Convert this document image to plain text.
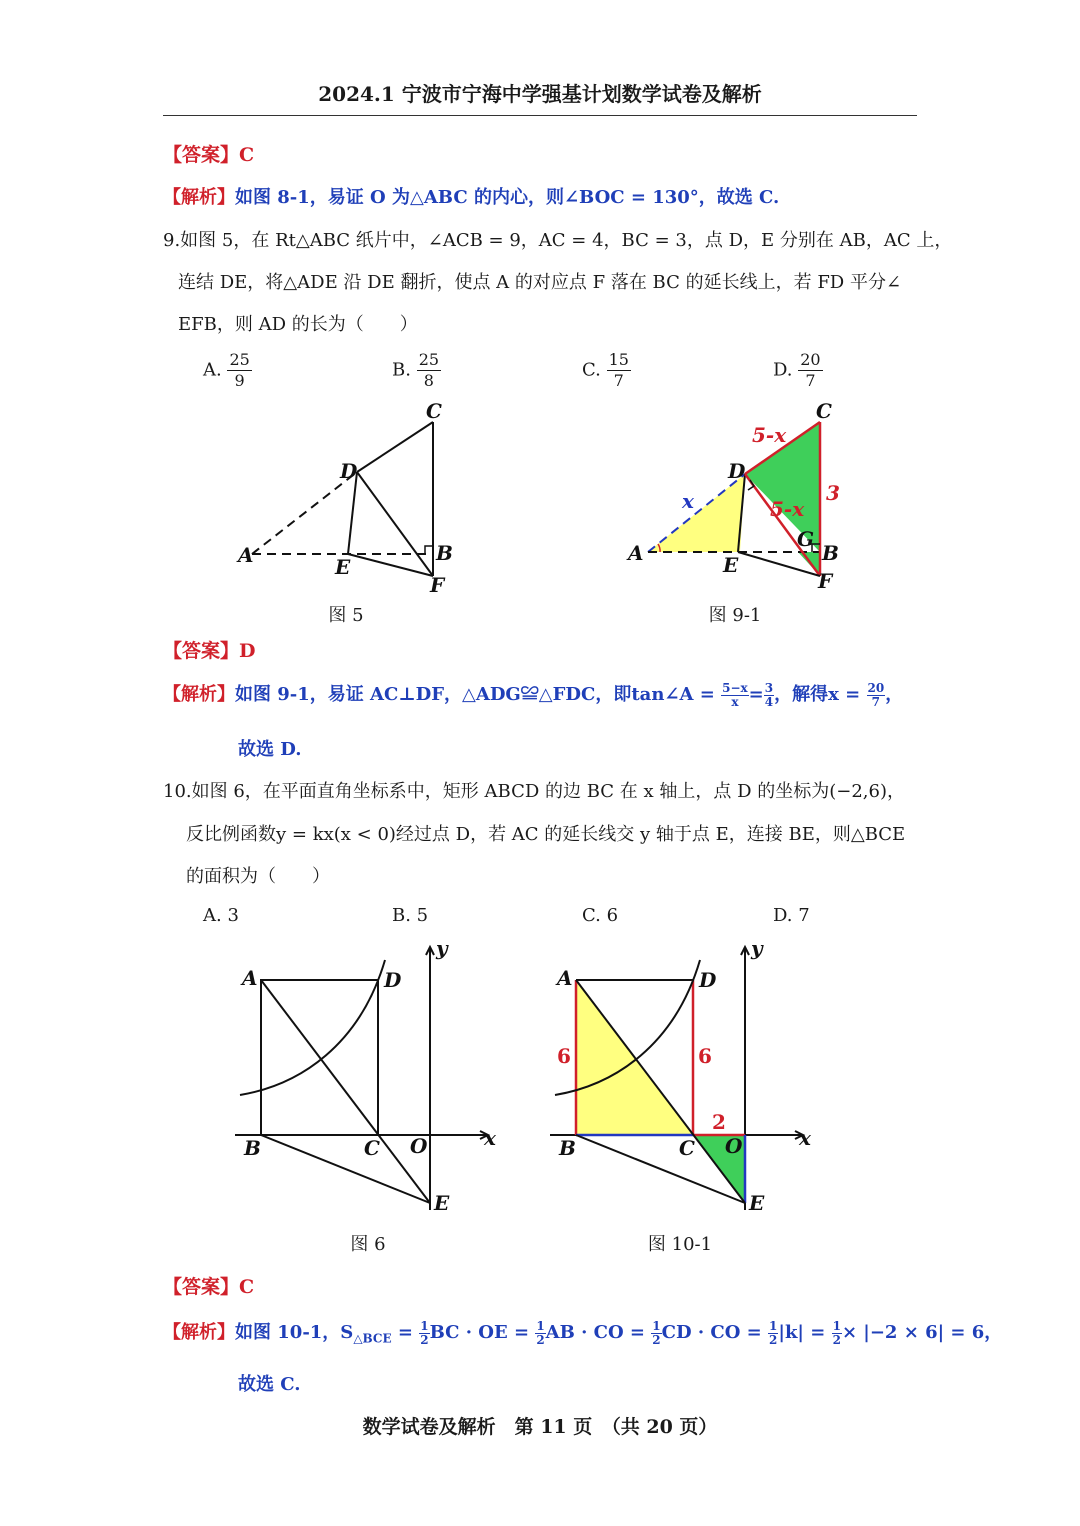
2024.1 宁波市宁海中学强基计划数学试卷及解析
【答案】C
【解析】如图 8-1，易证 O 为△ABC 的内心，则∠BOC = 130°，故选 C.
9.如图 5，在 Rt△ABC 纸片中，∠ACB = 9，AC = 4，BC = 3，点 D，E 分别在 AB，AC 上，
连结 DE，将△ADE 沿 DE 翻折，使点 A 的对应点 F 落在 BC 的延长线上，若 FD 平分∠
EFB，则 AD 的长为（　　）
A. $\frac{25}{9}$	B. $\frac{25}{8}$	C. $\frac{15}{7}$	D. $\frac{20}{7}$
C
D
A	B
E
F
图 5
C
D
A	B
E
F
G
x
5-x
5-x
3
图 9-1
【答案】D
【解析】如图 9-1，易证 AC⊥DF，△ADG≌△FDC，即tan∠A = $\frac{5-x}{x} = \frac{3}{4}$ ，解得$x = \frac{20}{7}$ ，
故选 D.
10.如图 6，在平面直角坐标系中，矩形 ABCD 的边 BC 在 x 轴上，点 D 的坐标为(−2,6)，
反比例函数y = kx(x < 0)经过点 D，若 AC 的延长线交 y 轴于点 E，连接 BE，则△BCE
的面积为（　　）
A. 3	B. 5	C. 6	D. 7
A	D
B	C O	x
y
E
图 6
A	D
B	C O	x
y
E
6	6
2
图 10-1
【答案】C
【解析】如图 10-1，$S_{\triangle BCE} = \frac{1}{2}$ BC · OE = $\frac{1}{2}$ AB · CO = $\frac{1}{2}$ CD · CO = $\frac{1}{2} |k| = \frac{1}{2} \times |-2 \times 6| = 6$，
故选 C.
数学试卷及解析　第 11 页　（共 20 页）
